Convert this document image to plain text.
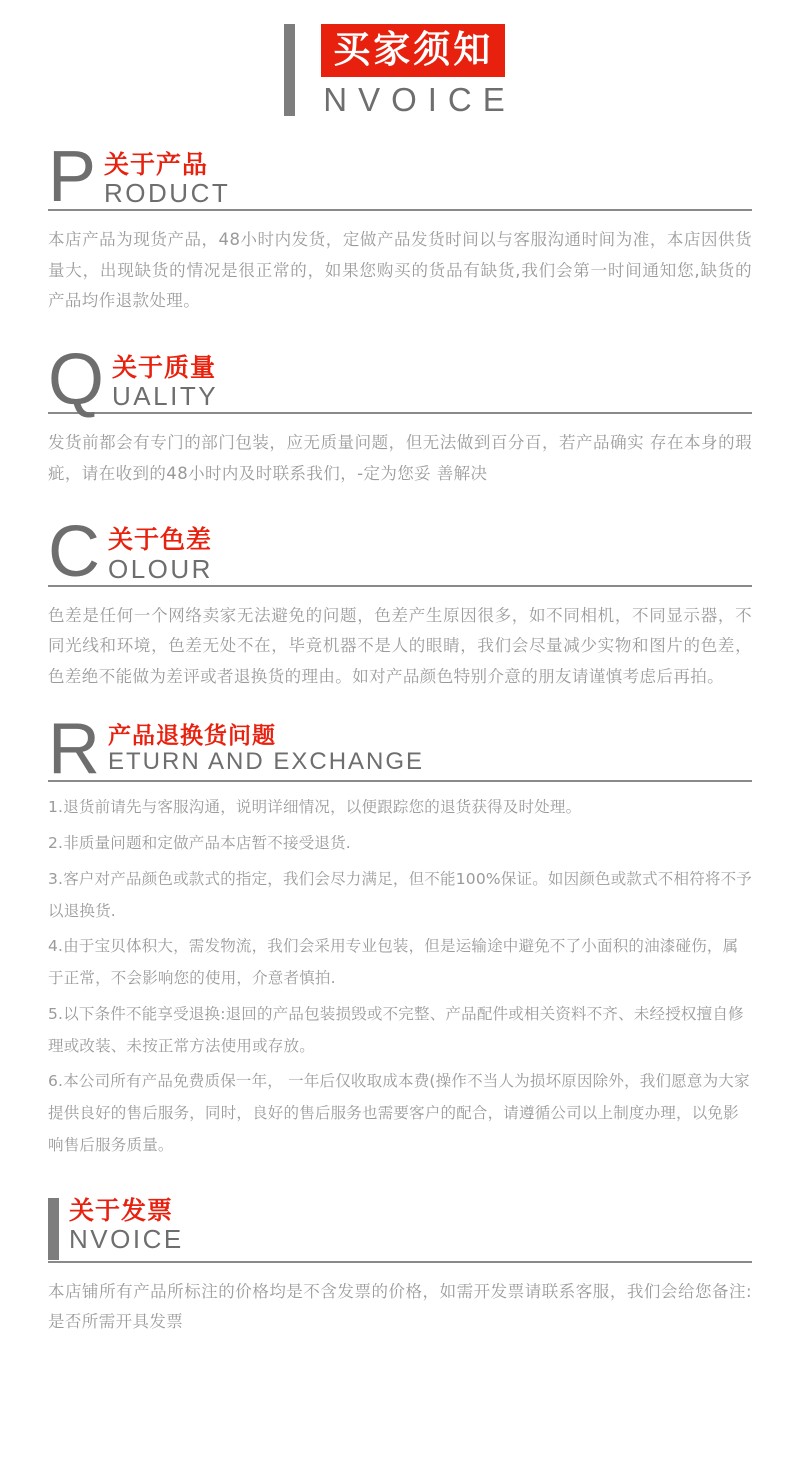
买家须知
NVOICE
P 关于产品
RODUCT

本店产品为现货产品，48小时内发货，定做产品发货时间以与客服沟通时间为准，本店因供货量大，出现缺货的情况是很正常的，如果您购买的货品有缺货,我们会第一时间通知您,缺货的产品均作退款处理。

Q 关于质量
UALITY

发货前都会有专门的部门包装，应无质量问题，但无法做到百分百，若产品确实 存在本身的瑕疵，请在收到的48小时内及时联系我们，-定为您妥 善解决

C 关于色差
OLOUR

色差是任何一个网络卖家无法避免的问题，色差产生原因很多，如不同相机，不同显示器，不同光线和环境，色差无处不在，毕竟机器不是人的眼睛，我们会尽量减少实物和图片的色差，色差绝不能做为差评或者退换货的理由。如对产品颜色特别介意的朋友请谨慎考虑后再拍。

R 产品退换货问题
ETURN AND EXCHANGE

1.退货前请先与客服沟通，说明详细情况，以便跟踪您的退货获得及时处理。

2.非质量问题和定做产品本店暂不接受退货.

3.客户对产品颜色或款式的指定，我们会尽力满足，但不能100%保证。如因颜色或款式不相符将不予以退换货.

4.由于宝贝体积大，需发物流，我们会采用专业包装，但是运输途中避免不了小面积的油漆碰伤，属于正常，不会影响您的使用，介意者慎拍.

5.以下条件不能享受退换:退回的产品包装损毁或不完整、产品配件或相关资料不齐、未经授权擅自修理或改装、未按正常方法使用或存放。

6.本公司所有产品免费质保一年， 一年后仅收取成本费(操作不当人为损坏原因除外，我们愿意为大家提供良好的售后服务，同时，良好的售后服务也需要客户的配合，请遵循公司以上制度办理，以免影响售后服务质量。

关于发票
NVOICE

本店铺所有产品所标注的价格均是不含发票的价格，如需开发票请联系客服，我们会给您备注:是否所需开具发票
